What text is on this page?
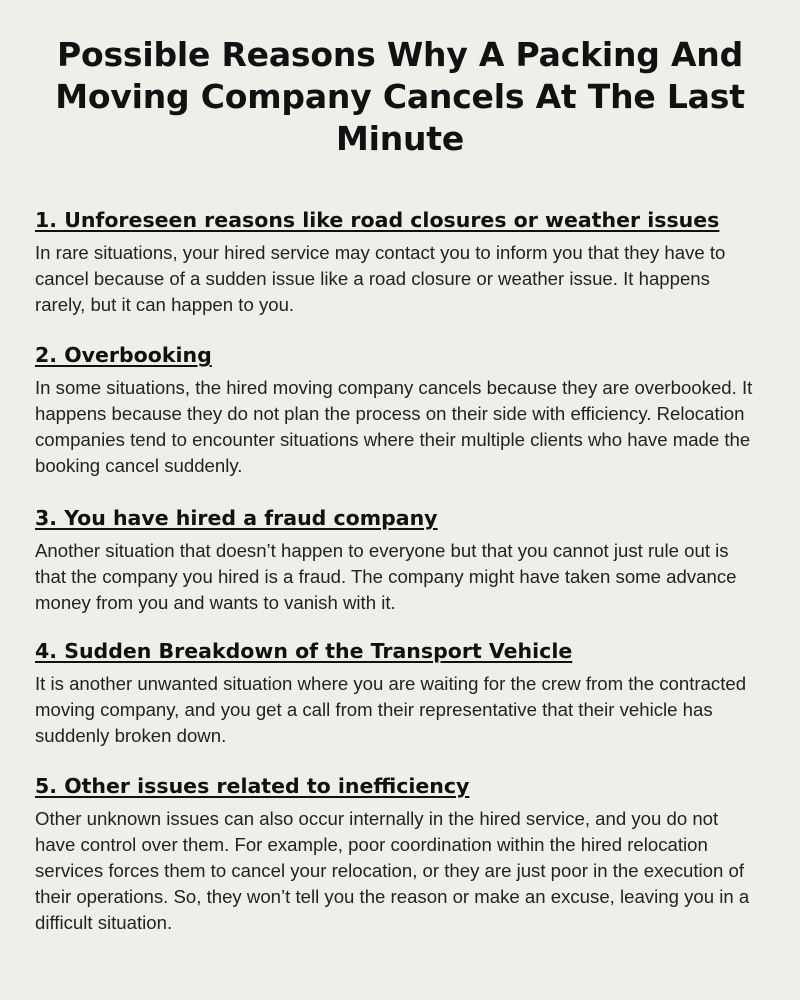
Possible Reasons Why A Packing And Moving Company Cancels At The Last Minute
1. Unforeseen reasons like road closures or weather issues

In rare situations, your hired service may contact you to inform you that they have to cancel because of a sudden issue like a road closure or weather issue. It happens rarely, but it can happen to you.

2. Overbooking

In some situations, the hired moving company cancels because they are overbooked. It happens because they do not plan the process on their side with efficiency. Relocation companies tend to encounter situations where their multiple clients who have made the booking cancel suddenly.

3. You have hired a fraud company

Another situation that doesn’t happen to everyone but that you cannot just rule out is that the company you hired is a fraud. The company might have taken some advance money from you and wants to vanish with it.

4. Sudden Breakdown of the Transport Vehicle

It is another unwanted situation where you are waiting for the crew from the contracted moving company, and you get a call from their representative that their vehicle has suddenly broken down.

5. Other issues related to inefficiency

Other unknown issues can also occur internally in the hired service, and you do not have control over them. For example, poor coordination within the hired relocation services forces them to cancel your relocation, or they are just poor in the execution of their operations. So, they won’t tell you the reason or make an excuse, leaving you in a difficult situation.
